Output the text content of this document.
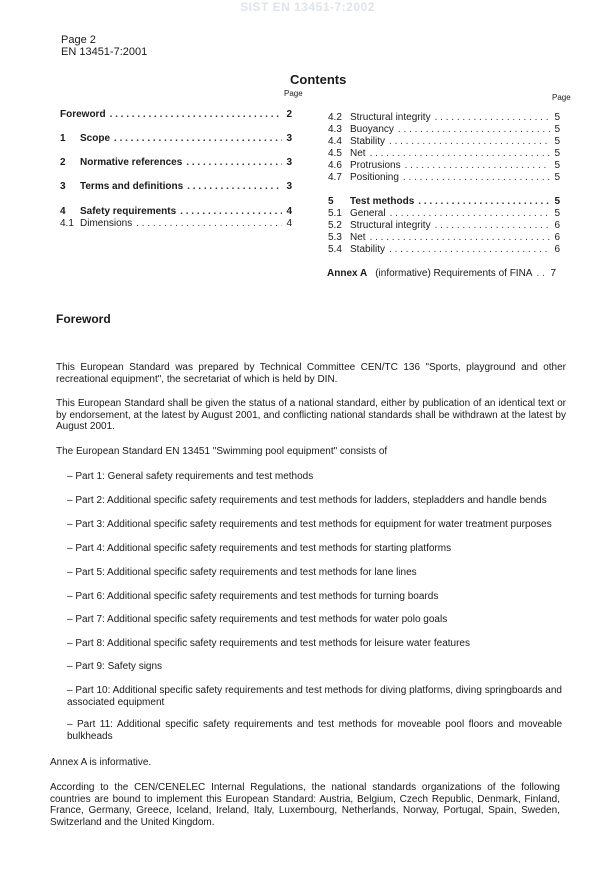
SIST EN 13451-7:2002
Page 2
EN 13451-7:2001
Contents
Page	Page
Foreword . . .	2
1	Scope . . .	3
2	Normative references . . .	3
3	Terms and definitions . . .	3
4	Safety requirements . . .	4
4.1 Dimensions . . .	4
4.2 Structural integrity . . .	5
4.3 Buoyancy . . .	5
4.4 Stability . . .	5
4.5 Net . . .	5
4.6 Protrusions . . .	5
4.7 Positioning . . .	5
5	Test methods . . .	5
5.1 General . . .	5
5.2 Structural integrity . . .	6
5.3 Net . . .	6
5.4 Stability . . .	6
Annex A (informative) Requirements of FINA . . . 7
Foreword
This European Standard was prepared by Technical Committee CEN/TC 136 "Sports, playground and other recreational equipment", the secretariat of which is held by DIN.
This European Standard shall be given the status of a national standard, either by publication of an identical text or by endorsement, at the latest by August 2001, and conflicting national standards shall be withdrawn at the latest by August 2001.
The European Standard EN 13451 "Swimming pool equipment" consists of
– Part 1: General safety requirements and test methods
– Part 2: Additional specific safety requirements and test methods for ladders, stepladders and handle bends
– Part 3: Additional specific safety requirements and test methods for equipment for water treatment purposes
– Part 4: Additional specific safety requirements and test methods for starting platforms
– Part 5: Additional specific safety requirements and test methods for lane lines
– Part 6: Additional specific safety requirements and test methods for turning boards
– Part 7: Additional specific safety requirements and test methods for water polo goals
– Part 8: Additional specific safety requirements and test methods for leisure water features
– Part 9: Safety signs
– Part 10: Additional specific safety requirements and test methods for diving platforms, diving springboards and associated equipment
– Part 11: Additional specific safety requirements and test methods for moveable pool floors and moveable bulkheads
Annex A is informative.
According to the CEN/CENELEC Internal Regulations, the national standards organizations of the following countries are bound to implement this European Standard: Austria, Belgium, Czech Republic, Denmark, Finland, France, Germany, Greece, Iceland, Ireland, Italy, Luxembourg, Netherlands, Norway, Portugal, Spain, Sweden, Switzerland and the United Kingdom.
